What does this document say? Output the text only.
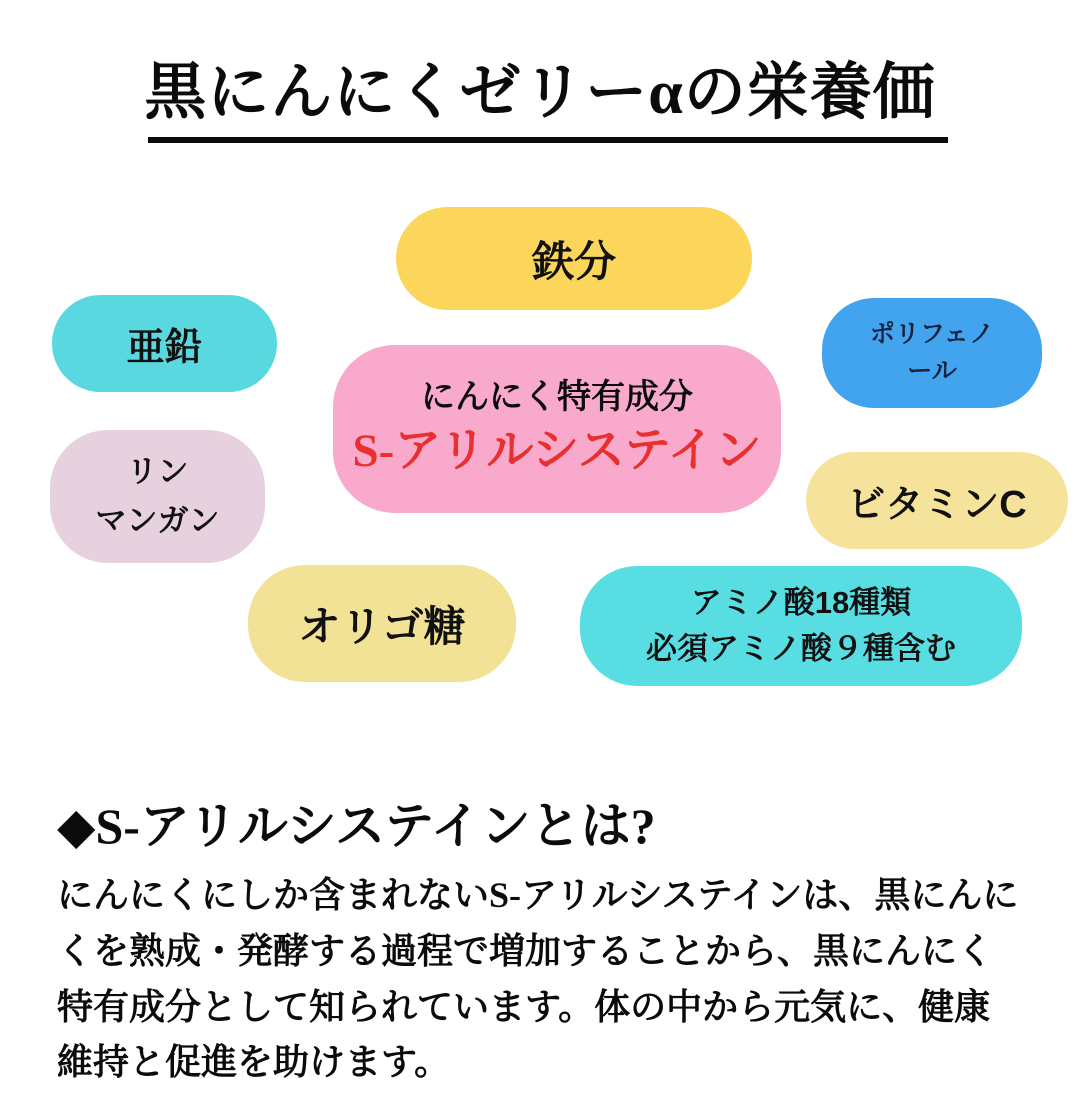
黒にんにくゼリーαの栄養価
鉄分
亜鉛	ポリフェノ
ール
にんにく特有成分
S-アリルシステイン
リン
マンガン	ビタミンC
オリゴ糖
アミノ酸18種類
必須アミノ酸９種含む
◆S-アリルシステインとは?
にんにくにしか含まれないS-アリルシステインは、黒にんにくを熟成・発酵する過程で増加することから、黒にんにく特有成分として知られています。体の中から元気に、健康維持と促進を助けます。
